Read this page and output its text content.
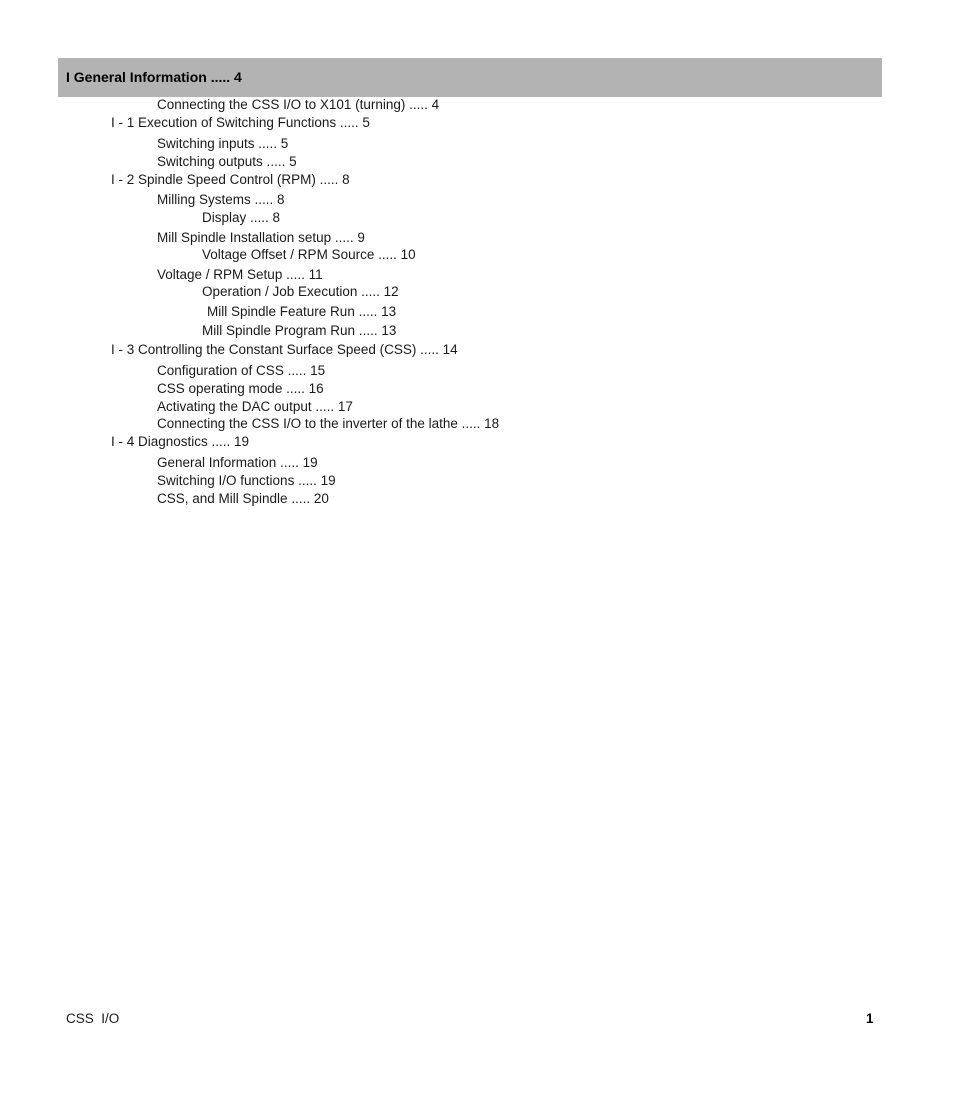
I General Information ..... 4
Connecting the CSS I/O to X101 (turning) ..... 4
I - 1 Execution of Switching Functions ..... 5
Switching inputs ..... 5
Switching outputs ..... 5
I - 2 Spindle Speed Control (RPM) ..... 8
Milling Systems ..... 8
Display ..... 8
Mill Spindle Installation setup ..... 9
Voltage Offset / RPM Source ..... 10
Voltage / RPM Setup ..... 11
Operation / Job Execution ..... 12
Mill Spindle Feature Run ..... 13
Mill Spindle Program Run ..... 13
I - 3 Controlling the Constant Surface Speed (CSS) ..... 14
Configuration of CSS ..... 15
CSS operating mode ..... 16
Activating the DAC output ..... 17
Connecting the CSS I/O to the inverter of the lathe ..... 18
I - 4 Diagnostics ..... 19
General Information ..... 19
Switching I/O functions ..... 19
CSS, and Mill Spindle ..... 20
CSS  I/O	1
